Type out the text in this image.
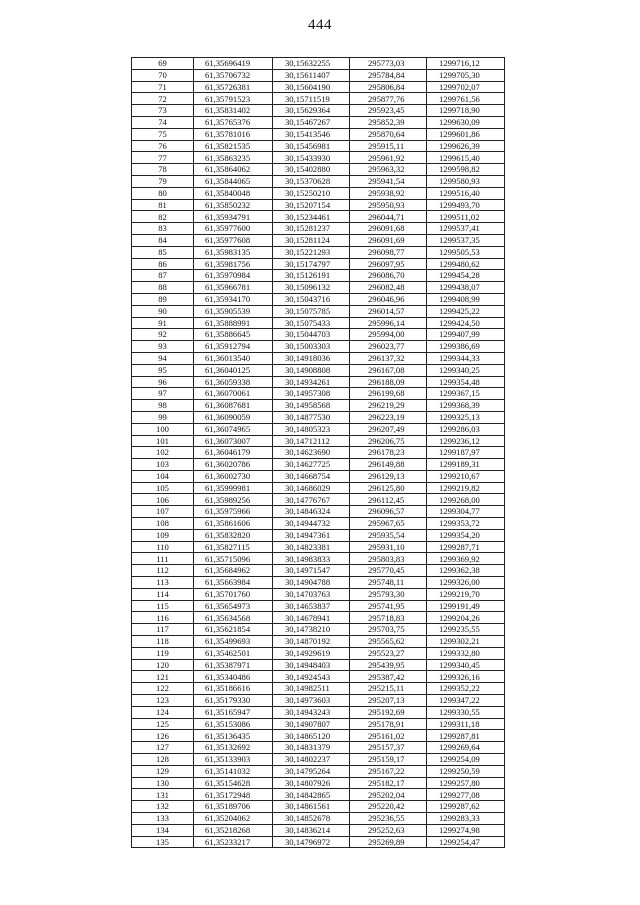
444
69	61,35696419	30,15632255	295773,03	1299716,12
70	61,35706732	30,15611407	295784,84	1299705,30
71	61,35726381	30,15604190	295806,84	1299702,07
72	61,35791523	30,15711519	295877,76	1299761,56
73	61,35831402	30,15629364	295923,45	1299718,90
74	61,35765376	30,15467267	295852,39	1299630,09
75	61,35781016	30,15413546	295870,64	1299601,86
76	61,35821535	30,15456981	295915,11	1299626,39
77	61,35863235	30,15433930	295961,92	1299615,40
78	61,35864062	30,15402880	295963,32	1299598,82
79	61,35844065	30,15370628	295941,54	1299580,93
80	61,35840048	30,15250210	295938,92	1299516,40
81	61,35850232	30,15207154	295950,93	1299493,70
82	61,35934791	30,15234461	296044,71	1299511,02
83	61,35977600	30,15281237	296091,68	1299537,41
84	61,35977608	30,15281124	296091,69	1299537,35
85	61,35983135	30,15221293	296098,77	1299505,53
86	61,35981756	30,15174797	296097,95	1299480,62
87	61,35970984	30,15126191	296086,70	1299454,28
88	61,35966781	30,15096132	296082,48	1299438,07
89	61,35934170	30,15043716	296046,96	1299408,99
90	61,35905539	30,15075785	296014,57	1299425,22
91	61,35888991	30,15075433	295996,14	1299424,50
92	61,35886645	30,15044703	295994,00	1299407,99
93	61,35912794	30,15003303	296023,77	1299386,69
94	61,36013540	30,14918036	296137,32	1299344,33
95	61,36040125	30,14908808	296167,08	1299340,25
96	61,36059338	30,14934261	296188,09	1299354,48
97	61,36070061	30,14957308	296199,68	1299367,15
98	61,36087681	30,14958568	296219,29	1299368,39
99	61,36090059	30,14877530	296223,19	1299325,13
100	61,36074965	30,14805323	296207,49	1299286,03
101	61,36073007	30,14712112	296206,75	1299236,12
102	61,36046179	30,14623690	296178,23	1299187,97
103	61,36020786	30,14627725	296149,88	1299189,31
104	61,36002730	30,14668754	296129,13	1299210,67
105	61,35999981	30,14686029	296125,80	1299219,82
106	61,35989256	30,14776767	296112,45	1299268,00
107	61,35975966	30,14846324	296096,57	1299304,77
108	61,35861606	30,14944732	295967,65	1299353,72
109	61,35832820	30,14947361	295935,54	1299354,20
110	61,35827115	30,14823381	295931,10	1299287,71
111	61,35715096	30,14983833	295803,83	1299369,92
112	61,35684962	30,14971547	295770,45	1299362,38
113	61,35663984	30,14904788	295748,11	1299326,00
114	61,35701760	30,14703763	295793,30	1299219,70
115	61,35654973	30,14653837	295741,95	1299191,49
116	61,35634568	30,14678941	295718,83	1299204,26
117	61,35621854	30,14738210	295703,75	1299235,55
118	61,35499693	30,14870192	295565,62	1299302,21
119	61,35462501	30,14929619	295523,27	1299332,80
120	61,35387971	30,14948403	295439,95	1299340,45
121	61,35340486	30,14924543	295387,42	1299326,16
122	61,35186616	30,14982511	295215,11	1299352,22
123	61,35179330	30,14973603	295207,13	1299347,22
124	61,35165947	30,14943243	295192,69	1299330,55
125	61,35153086	30,14907807	295178,91	1299311,18
126	61,35136435	30,14865120	295161,02	1299287,81
127	61,35132692	30,14831379	295157,37	1299269,64
128	61,35133903	30,14802237	295159,17	1299254,09
129	61,35141032	30,14795264	295167,22	1299250,59
130	61,35154628	30,14807926	295182,17	1299257,80
131	61,35172948	30,14842865	295202,04	1299277,08
132	61,35189706	30,14861561	295220,42	1299287,62
133	61,35204062	30,14852678	295236,55	1299283,33
134	61,35218268	30,14836214	295252,63	1299274,98
135	61,35233217	30,14796972	295269,89	1299254,47
